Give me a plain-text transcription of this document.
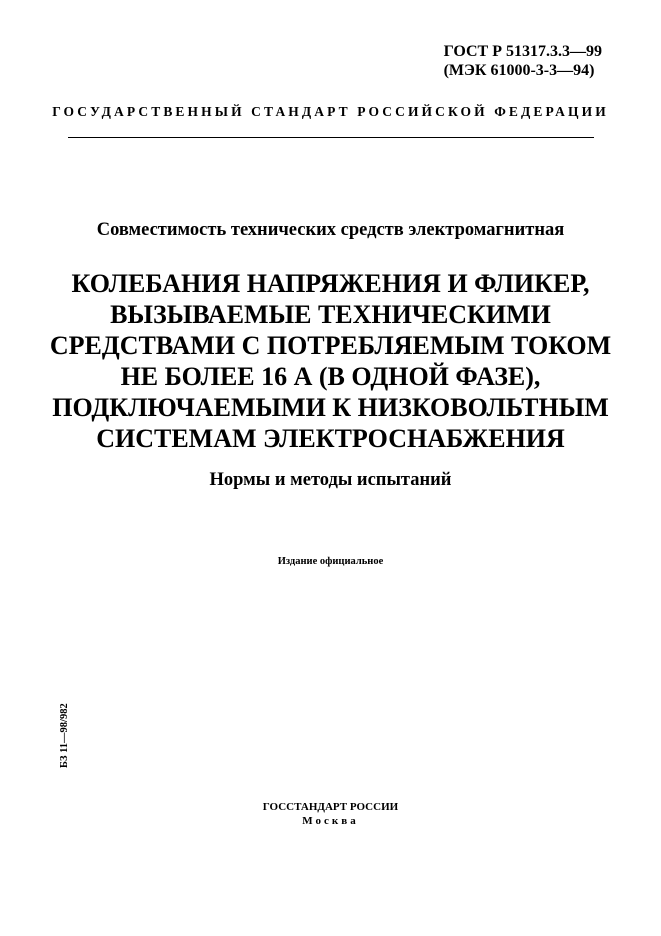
ГОСТ Р 51317.3.3—99
(МЭК 61000-3-3—94)
ГОСУДАРСТВЕННЫЙ СТАНДАРТ РОССИЙСКОЙ ФЕДЕРАЦИИ
Совместимость технических средств электромагнитная
КОЛЕБАНИЯ НАПРЯЖЕНИЯ И ФЛИКЕР,
ВЫЗЫВАЕМЫЕ ТЕХНИЧЕСКИМИ
СРЕДСТВАМИ С ПОТРЕБЛЯЕМЫМ ТОКОМ
НЕ БОЛЕЕ 16 А (В ОДНОЙ ФАЗЕ),
ПОДКЛЮЧАЕМЫМИ К НИЗКОВОЛЬТНЫМ
СИСТЕМАМ ЭЛЕКТРОСНАБЖЕНИЯ
Нормы и методы испытаний
Издание официальное
БЗ 11—98/982
ГОССТАНДАРТ РОССИИ
Москва
